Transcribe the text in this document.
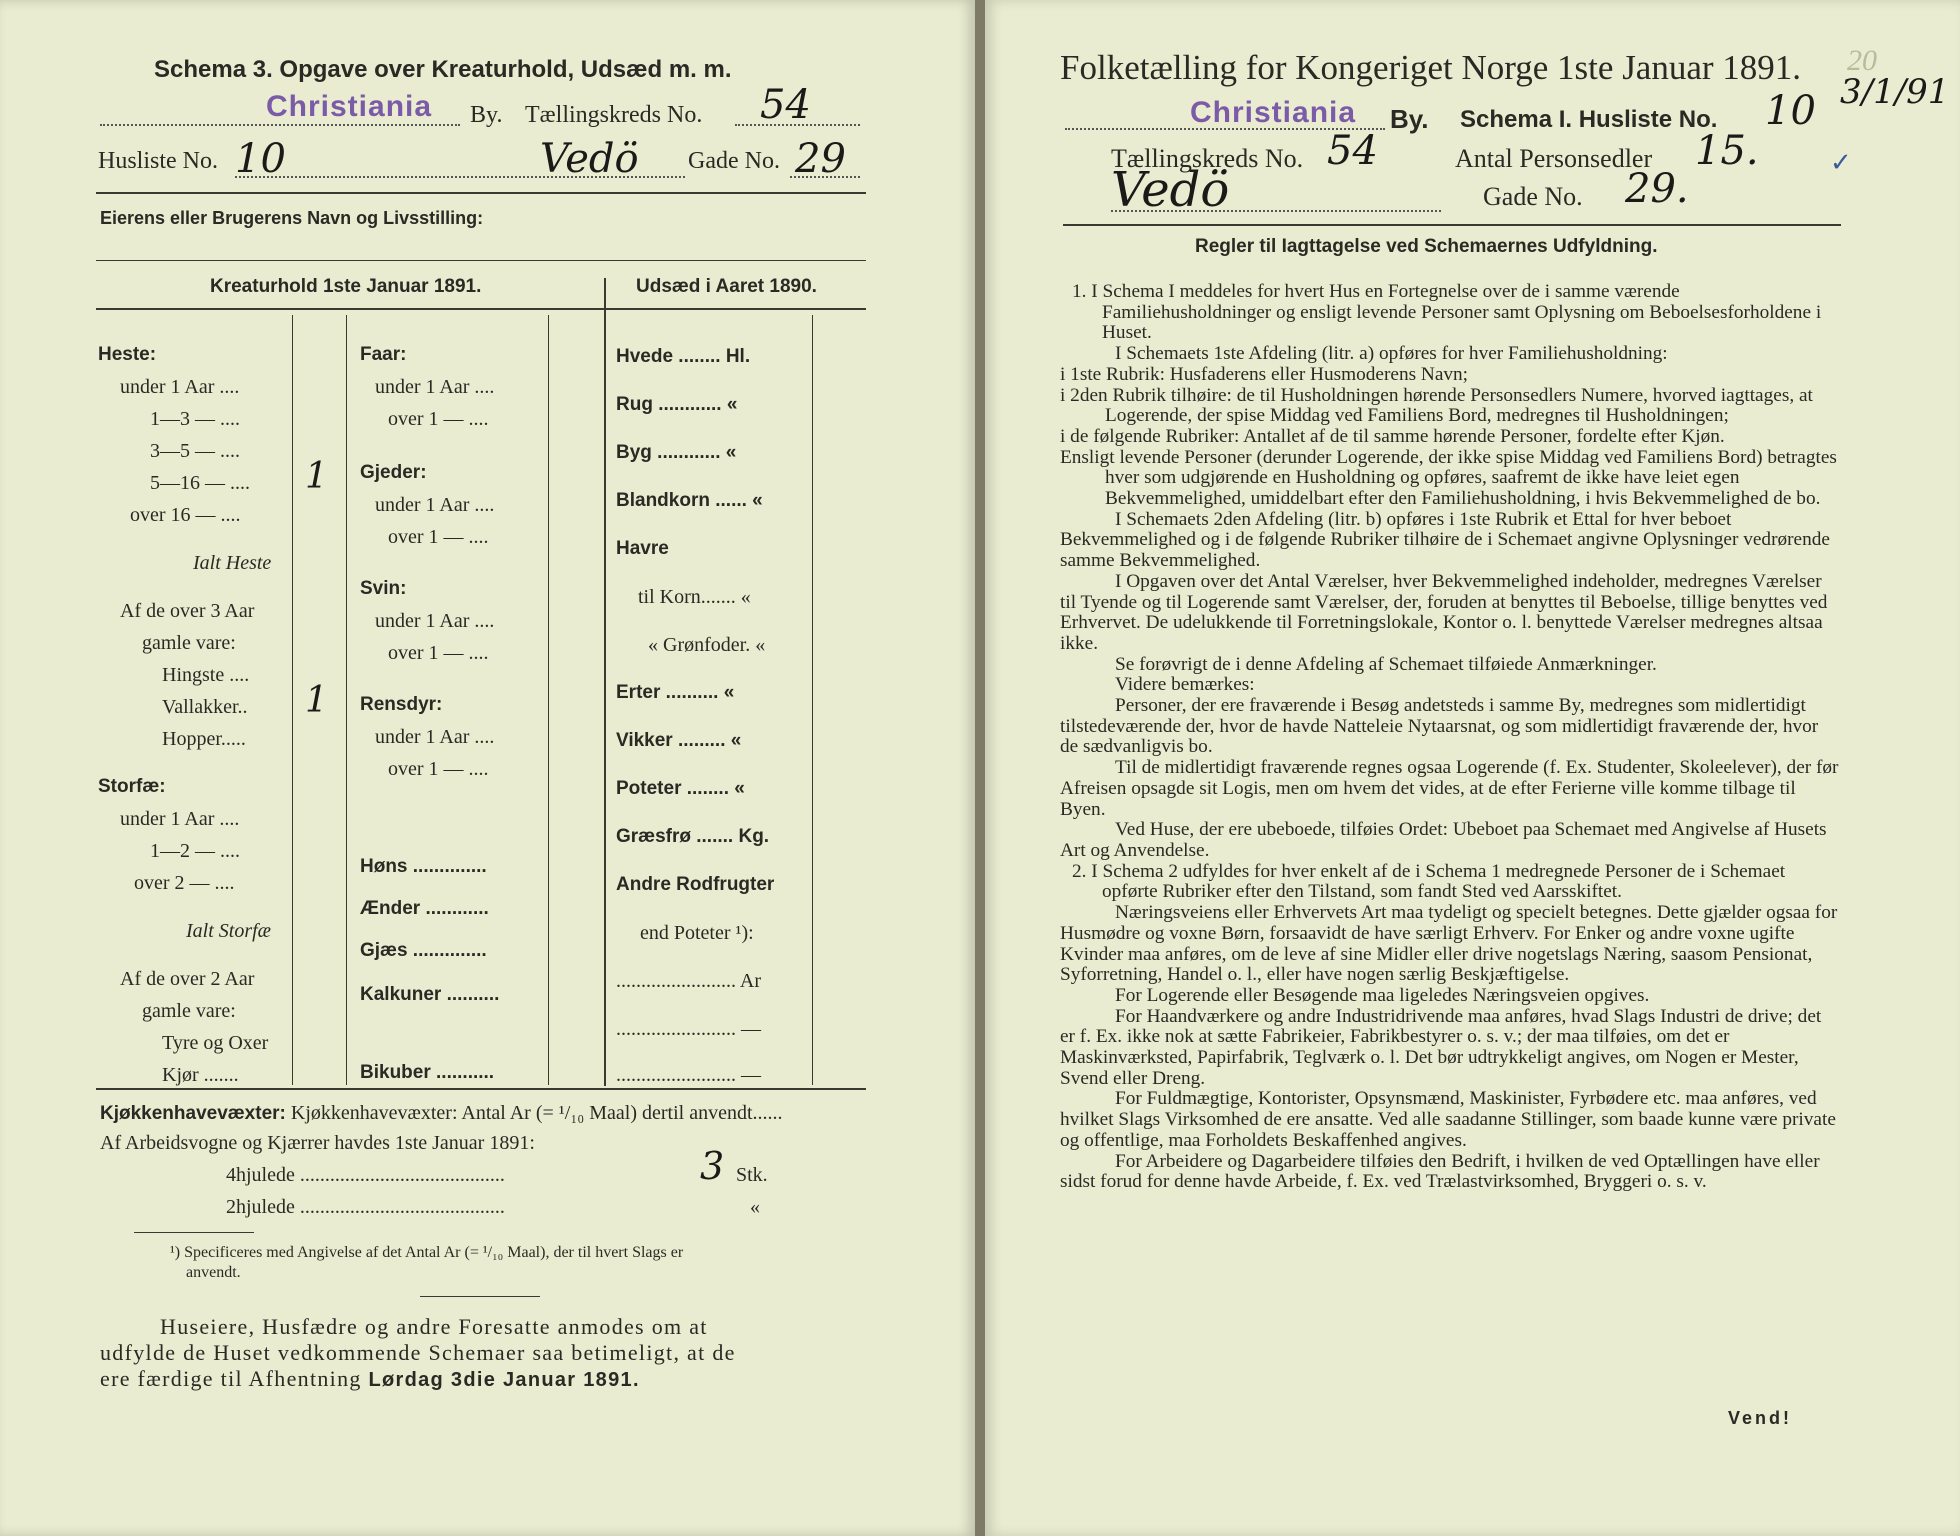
Schema 3. Opgave over Kreaturhold, Udsæd m. m.
Christiania By. Tællingskreds No. 54
Husliste No. 10	Vedö Gade No. 29
Eierens eller Brugerens Navn og Livsstilling:
Kreaturhold 1ste Januar 1891.	Udsæd i Aaret 1890.
Heste:
under 1 Aar ....
1—3 — ....
3—5 — ....
5—16 — .... 1
over 16 — ....
Ialt Heste
Af de over 3 Aar
gamle vare:
Hingste ....
Vallakker.. 1
Hopper.....
Storfæ:
under 1 Aar ....
1—2 — ....
over 2 — ....
Ialt Storfæ
Af de over 2 Aar
gamle vare:
Tyre og Oxer
Kjør .......
Faar:
under 1 Aar ....
over 1 — ....
Gjeder:
under 1 Aar ....
over 1 — ....
Svin:
under 1 Aar ....
over 1 — ....
Rensdyr:
under 1 Aar ....
over 1 — ....
Høns ..............
Ænder ............
Gjæs ..............
Kalkuner ..........
Bikuber ...........
Hvede ........ Hl.
Rug ............ «
Byg ............ «
Blandkorn ...... «
Havre
til Korn....... «
« Grønfoder. «
Erter .......... «
Vikker ......... «
Poteter ........ «
Græsfrø ....... Kg.
Andre Rodfrugter
end Poteter ¹):
........................ Ar
........................ —
........................ —
Kjøkkenhavevæxter: Kjøkkenhavevæxter: Antal Ar (= ¹/₁₀ Maal) dertil anvendt......
Af Arbeidsvogne og Kjærrer havdes 1ste Januar 1891:
4hjulede .........................................	3 Stk.
2hjulede .........................................	«
¹) Specificeres med Angivelse af det Antal Ar (= ¹/₁₀ Maal), der til hvert Slags er
anvendt.
Huseiere, Husfædre og andre Foresatte anmodes om at
udfylde de Huset vedkommende Schemaer saa betimeligt, at de
ere færdige til Afhentning Lørdag 3die Januar 1891.
Folketælling for Kongeriget Norge 1ste Januar 1891. 20
Christiania By. Schema I. Husliste No. 10 3/1/91
Tællingskreds No. 54	Antal Personsedler 15.	✓
Vedö	Gade No. 29.
Regler til Iagttagelse ved Schemaernes Udfyldning.

1. I Schema I meddeles for hvert Hus en Fortegnelse over de i samme værende Familiehusholdninger og ensligt levende Personer samt Oplysning om Beboelsesforholdene i Huset.

I Schemaets 1ste Afdeling (litr. a) opføres for hver Familiehusholdning:

i 1ste Rubrik: Husfaderens eller Husmoderens Navn;

i 2den Rubrik tilhøire: de til Husholdningen hørende Personsedlers Numere, hvorved iagttages, at Logerende, der spise Middag ved Familiens Bord, medregnes til Husholdningen;

i de følgende Rubriker: Antallet af de til samme hørende Personer, fordelte efter Kjøn.

Ensligt levende Personer (derunder Logerende, der ikke spise Middag ved Familiens Bord) betragtes hver som udgjørende en Husholdning og opføres, saafremt de ikke have leiet egen Bekvemmelighed, umiddelbart efter den Familiehusholdning, i hvis Bekvemmelighed de bo.

I Schemaets 2den Afdeling (litr. b) opføres i 1ste Rubrik et Ettal for hver beboet Bekvemmelighed og i de følgende Rubriker tilhøire de i Schemaet angivne Oplysninger vedrørende samme Bekvemmelighed.

I Opgaven over det Antal Værelser, hver Bekvemmelighed indeholder, medregnes Værelser til Tyende og til Logerende samt Værelser, der, foruden at benyttes til Beboelse, tillige benyttes ved Erhvervet. De udelukkende til Forretningslokale, Kontor o. l. benyttede Værelser medregnes altsaa ikke.

Se forøvrigt de i denne Afdeling af Schemaet tilføiede Anmærkninger.

Videre bemærkes:

Personer, der ere fraværende i Besøg andetsteds i samme By, medregnes som midlertidigt tilstedeværende der, hvor de havde Natteleie Nytaarsnat, og som midlertidigt fraværende der, hvor de sædvanligvis bo.

Til de midlertidigt fraværende regnes ogsaa Logerende (f. Ex. Studenter, Skoleelever), der før Afreisen opsagde sit Logis, men om hvem det vides, at de efter Ferierne ville komme tilbage til Byen.

Ved Huse, der ere ubeboede, tilføies Ordet: Ubeboet paa Schemaet med Angivelse af Husets Art og Anvendelse.

2. I Schema 2 udfyldes for hver enkelt af de i Schema 1 medregnede Personer de i Schemaet opførte Rubriker efter den Tilstand, som fandt Sted ved Aarsskiftet.

Næringsveiens eller Erhvervets Art maa tydeligt og specielt betegnes. Dette gjælder ogsaa for Husmødre og voxne Børn, forsaavidt de have særligt Erhverv. For Enker og andre voxne ugifte Kvinder maa anføres, om de leve af sine Midler eller drive nogetslags Næring, saasom Pensionat, Syforretning, Handel o. l., eller have nogen særlig Beskjæftigelse.

For Logerende eller Besøgende maa ligeledes Næringsveien opgives.

For Haandværkere og andre Industridrivende maa anføres, hvad Slags Industri de drive; det er f. Ex. ikke nok at sætte Fabrikeier, Fabrikbestyrer o. s. v.; der maa tilføies, om det er Maskinværksted, Papirfabrik, Teglværk o. l. Det bør udtrykkeligt angives, om Nogen er Mester, Svend eller Dreng.

For Fuldmægtige, Kontorister, Opsynsmænd, Maskinister, Fyrbødere etc. maa anføres, ved hvilket Slags Virksomhed de ere ansatte. Ved alle saadanne Stillinger, som baade kunne være private og offentlige, maa Forholdets Beskaffenhed angives.

For Arbeidere og Dagarbeidere tilføies den Bedrift, i hvilken de ved Optællingen have eller sidst forud for denne havde Arbeide, f. Ex. ved Trælastvirksomhed, Bryggeri o. s. v.

Vend!
